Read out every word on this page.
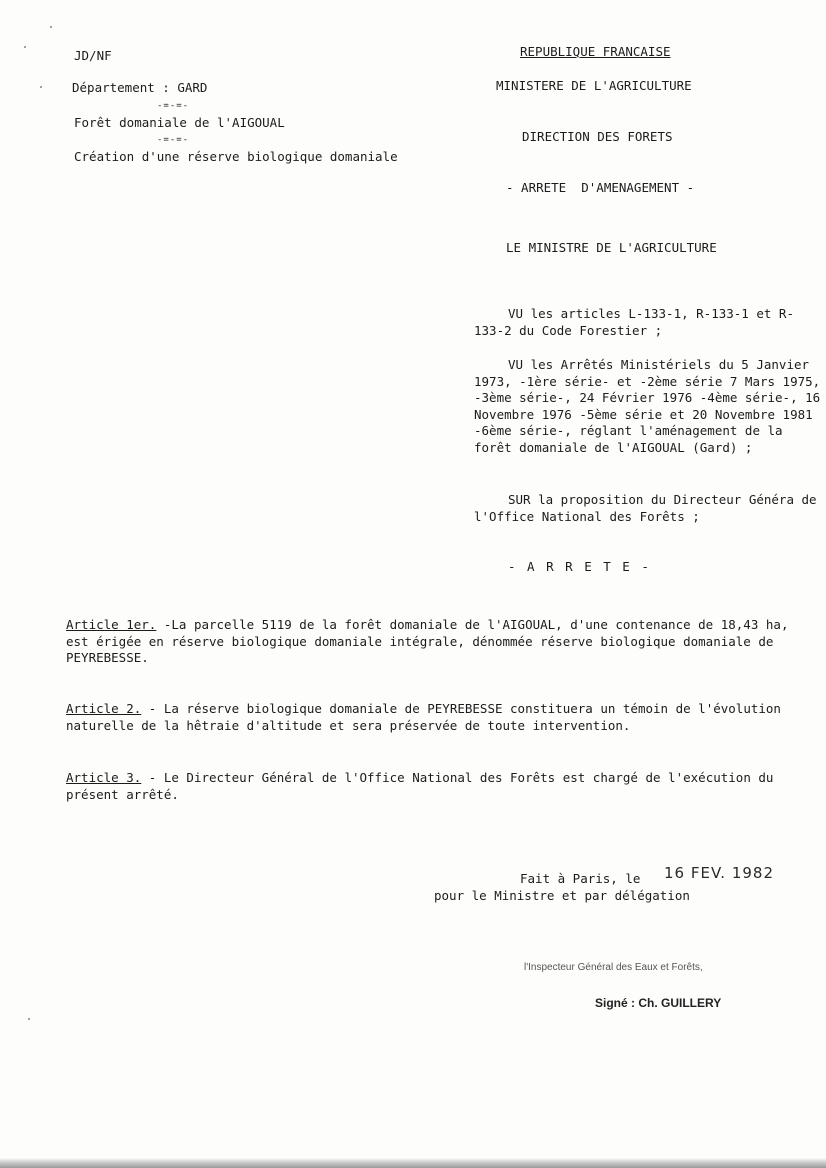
JD/NF
Département : GARD
-=-=-
Forêt domaniale de l'AIGOUAL
-=-=-
Création d'une réserve biologique domaniale
REPUBLIQUE FRANCAISE
MINISTERE DE L'AGRICULTURE
DIRECTION DES FORETS
- ARRETE  D'AMENAGEMENT -
LE MINISTRE DE L'AGRICULTURE

VU les articles L-133-1, R-133-1 et R-133-2 du Code Forestier ;

VU les Arrêtés Ministériels du 5 Janvier 1973, -1ère série- et -2ème série 7 Mars 1975, -3ème série-, 24 Février 1976 -4ème série-, 16 Novembre 1976 -5ème série et 20 Novembre 1981 -6ème série-, réglant l'aménagement de la forêt domaniale de l'AIGOUAL (Gard) ;

SUR la proposition du Directeur Généra de l'Office National des Forêts ;

- A R R E T E -
Article 1er. -La parcelle 5119 de la forêt domaniale de l'AIGOUAL, d'une contenance de 18,43 ha, est érigée en réserve biologique domaniale intégrale, dénommée réserve biologique domaniale de PEYREBESSE.
Article 2. - La réserve biologique domaniale de PEYREBESSE constituera un témoin de l'évolution naturelle de la hêtraie d'altitude et sera préservée de toute intervention.
Article 3. - Le Directeur Général de l'Office National des Forêts est chargé de l'exécution du présent arrêté.
Fait à Paris, le 16 FEV. 1982
pour le Ministre et par délégation
l'Inspecteur Général des Eaux et Forêts,
Signé : Ch. GUILLERY
